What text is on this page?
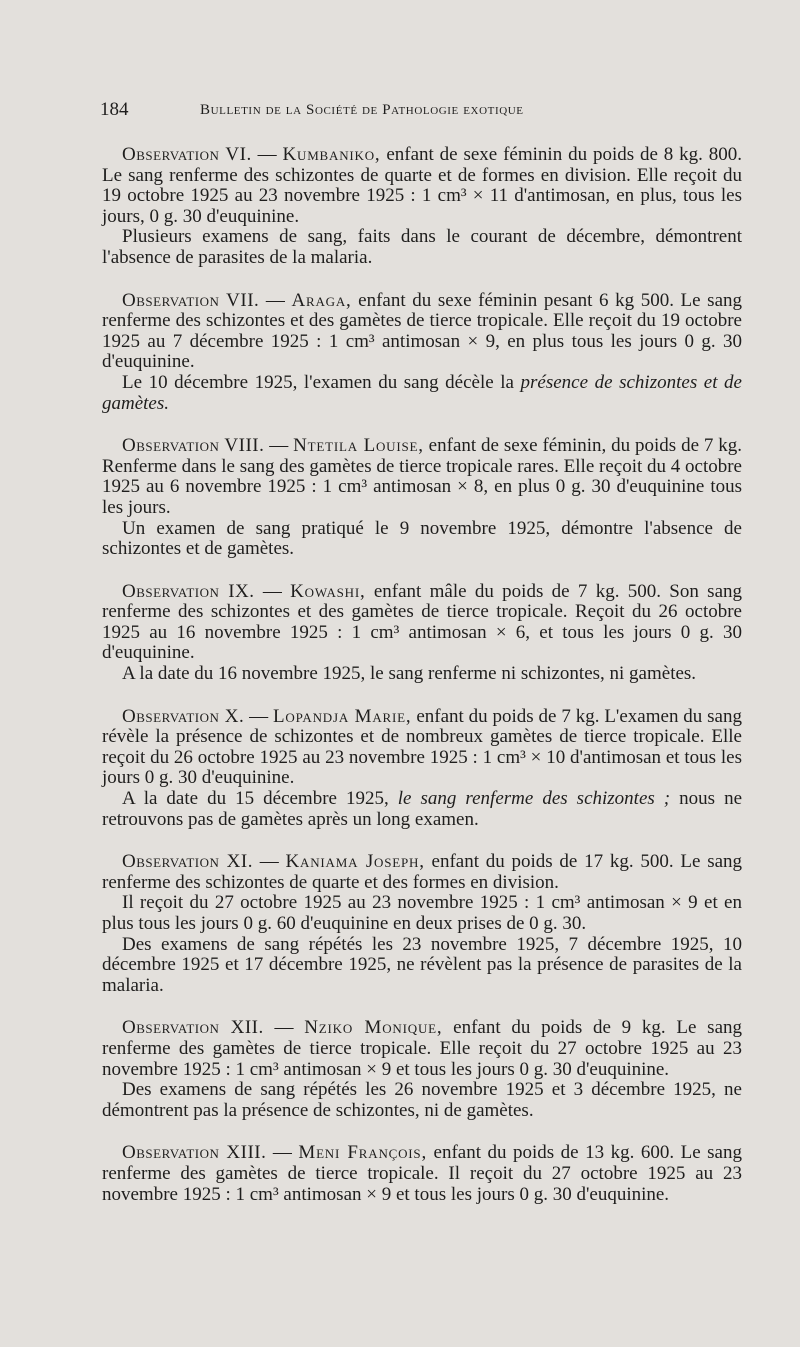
184	Bulletin de la Société de Pathologie exotique

Observation VI. — Kumbaniko, enfant de sexe féminin du poids de 8 kg. 800. Le sang renferme des schizontes de quarte et de formes en division. Elle reçoit du 19 octobre 1925 au 23 novembre 1925 : 1 cm³ × 11 d'antimosan, en plus, tous les jours, 0 g. 30 d'euquinine.

Plusieurs examens de sang, faits dans le courant de décembre, démontrent l'absence de parasites de la malaria.

Observation VII. — Araga, enfant du sexe féminin pesant 6 kg 500. Le sang renferme des schizontes et des gamètes de tierce tropicale. Elle reçoit du 19 octobre 1925 au 7 décembre 1925 : 1 cm³ antimosan × 9, en plus tous les jours 0 g. 30 d'euquinine.

Le 10 décembre 1925, l'examen du sang décèle la présence de schizontes et de gamètes.

Observation VIII. — Ntetila Louise, enfant de sexe féminin, du poids de 7 kg. Renferme dans le sang des gamètes de tierce tropicale rares. Elle reçoit du 4 octobre 1925 au 6 novembre 1925 : 1 cm³ antimosan × 8, en plus 0 g. 30 d'euquinine tous les jours.

Un examen de sang pratiqué le 9 novembre 1925, démontre l'absence de schizontes et de gamètes.

Observation IX. — Kowashi, enfant mâle du poids de 7 kg. 500. Son sang renferme des schizontes et des gamètes de tierce tropicale. Reçoit du 26 octobre 1925 au 16 novembre 1925 : 1 cm³ antimosan × 6, et tous les jours 0 g. 30 d'euquinine.

A la date du 16 novembre 1925, le sang renferme ni schizontes, ni gamètes.

Observation X. — Lopandja Marie, enfant du poids de 7 kg. L'examen du sang révèle la présence de schizontes et de nombreux gamètes de tierce tropicale. Elle reçoit du 26 octobre 1925 au 23 novembre 1925 : 1 cm³ × 10 d'antimosan et tous les jours 0 g. 30 d'euquinine.

A la date du 15 décembre 1925, le sang renferme des schizontes ; nous ne retrouvons pas de gamètes après un long examen.

Observation XI. — Kaniama Joseph, enfant du poids de 17 kg. 500. Le sang renferme des schizontes de quarte et des formes en division.

Il reçoit du 27 octobre 1925 au 23 novembre 1925 : 1 cm³ antimosan × 9 et en plus tous les jours 0 g. 60 d'euquinine en deux prises de 0 g. 30.

Des examens de sang répétés les 23 novembre 1925, 7 décembre 1925, 10 décembre 1925 et 17 décembre 1925, ne révèlent pas la présence de parasites de la malaria.

Observation XII. — Nziko Monique, enfant du poids de 9 kg. Le sang renferme des gamètes de tierce tropicale. Elle reçoit du 27 octobre 1925 au 23 novembre 1925 : 1 cm³ antimosan × 9 et tous les jours 0 g. 30 d'euquinine.

Des examens de sang répétés les 26 novembre 1925 et 3 décembre 1925, ne démontrent pas la présence de schizontes, ni de gamètes.

Observation XIII. — Meni François, enfant du poids de 13 kg. 600. Le sang renferme des gamètes de tierce tropicale. Il reçoit du 27 octobre 1925 au 23 novembre 1925 : 1 cm³ antimosan × 9 et tous les jours 0 g. 30 d'euquinine.
